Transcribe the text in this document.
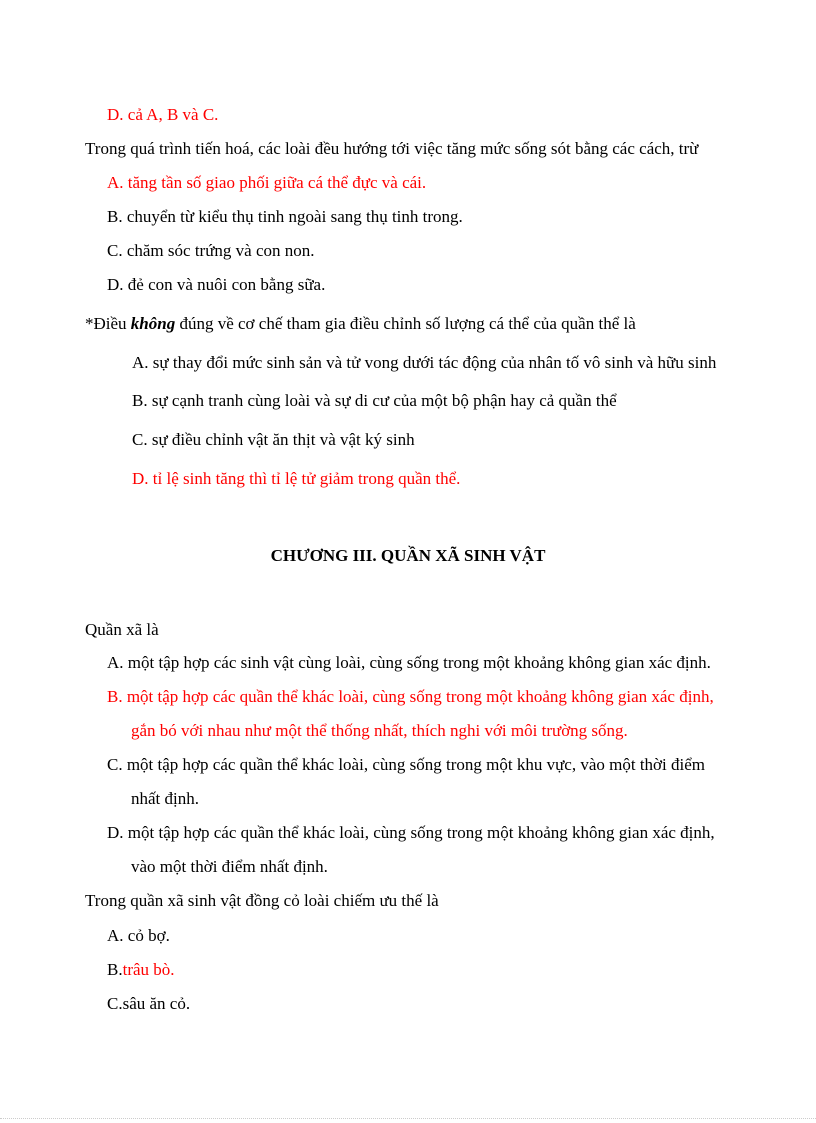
D. cả A, B và C.
Trong quá trình tiến hoá, các loài đều hướng tới việc tăng mức sống sót bằng các cách, trừ
A. tăng tần số giao phối giữa cá thể đực và cái.
B. chuyển từ kiểu thụ tinh ngoài sang thụ tinh trong.
C. chăm sóc trứng và con non.
D. đẻ con và nuôi con bằng sữa.
*Điều không đúng về cơ chế tham gia điều chỉnh số lượng cá thể của quần thể là
A. sự thay đổi mức sinh sản và tử vong dưới tác động của nhân tố vô sinh và hữu sinh
B. sự cạnh tranh cùng loài và sự di cư của một bộ phận hay cả quần thể
C. sự điều chỉnh vật ăn thịt và vật ký sinh
D. tỉ lệ sinh tăng thì tỉ lệ tử giảm trong quần thể.
CHƯƠNG III. QUẦN XÃ SINH VẬT
Quần xã là
A. một tập hợp các sinh vật cùng loài, cùng sống trong một khoảng không gian xác định.
B. một tập hợp các quần thể khác loài, cùng sống trong một khoảng không gian xác định,
gắn bó với nhau như một thể thống nhất, thích nghi với môi trường sống.
C. một tập hợp các quần thể khác loài, cùng sống trong một khu vực, vào một thời điểm
nhất định.
D. một tập hợp các quần thể khác loài, cùng sống trong một khoảng không gian xác định,
vào một thời điểm nhất định.
Trong quần xã sinh vật đồng cỏ loài chiếm ưu thế là
A. cỏ bợ.
B.trâu bò.
C.sâu ăn cỏ.
